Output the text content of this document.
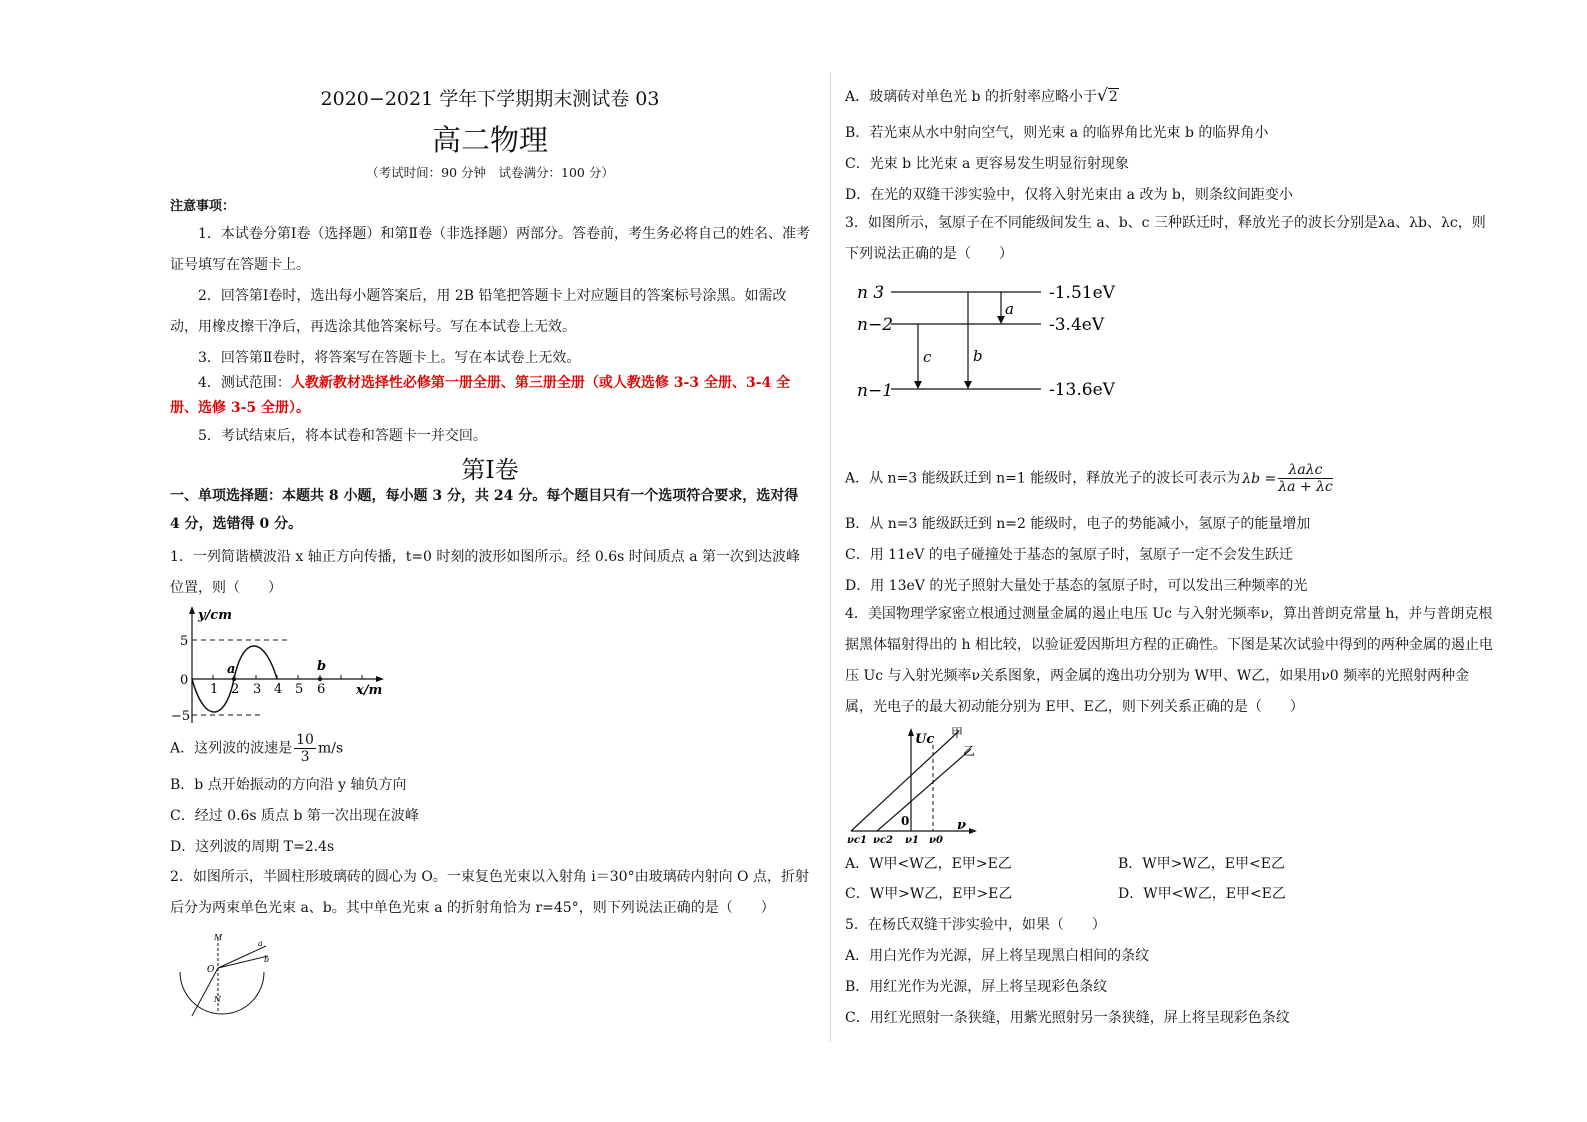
2020−2021 学年下学期期末测试卷 03

高二物理

（考试时间：90 分钟　试卷满分：100 分）

注意事项：

1．本试卷分第Ⅰ卷（选择题）和第Ⅱ卷（非选择题）两部分。答卷前，考生务必将自己的姓名、准考证号填写在答题卡上。

2．回答第Ⅰ卷时，选出每小题答案后，用 2B 铅笔把答题卡上对应题目的答案标号涂黑。如需改动，用橡皮擦干净后，再选涂其他答案标号。写在本试卷上无效。

3．回答第Ⅱ卷时，将答案写在答题卡上。写在本试卷上无效。

4．测试范围：人教新教材选择性必修第一册全册、第三册全册（或人教选修 3-3 全册、3-4 全册、选修 3-5 全册）。

5．考试结束后，将本试卷和答题卡一并交回。

第Ⅰ卷

一、单项选择题：本题共 8 小题，每小题 3 分，共 24 分。每个题目只有一个选项符合要求，选对得 4 分，选错得 0 分。

1．一列简谐横波沿 x 轴正方向传播，t=0 时刻的波形如图所示。经 0.6s 时间质点 a 第一次到达波峰位置，则（　　）

y/cm
5
0
−5
1 2 3 4 5 6 x/m
a	b

A．这列波的波速是 $\frac{10}{3} m/s$

B．b 点开始振动的方向沿 y 轴负方向

C．经过 0.6s 质点 b 第一次出现在波峰

D．这列波的周期 T=2.4s

2．如图所示，半圆柱形玻璃砖的圆心为 O。一束复色光束以入射角 i＝30°由玻璃砖内射向 O 点，折射后分为两束单色光束 a、b。其中单色光束 a 的折射角恰为 r=45°，则下列说法正确的是（　　）

M
N
O
a
b

A．玻璃砖对单色光 b 的折射率应略小于√2

B．若光束从水中射向空气，则光束 a 的临界角比光束 b 的临界角小

C．光束 b 比光束 a 更容易发生明显衍射现象

D．在光的双缝干涉实验中，仅将入射光束由 a 改为 b，则条纹间距变小

3．如图所示，氢原子在不同能级间发生 a、b、c 三种跃迁时，释放光子的波长分别是λa、λb、λc，则下列说法正确的是（　　）

n 3
n−2
n−1
-1.51eV
-3.4eV
-13.6eV
a
b
c

A．从 n=3 能级跃迁到 n=1 能级时，释放光子的波长可表示为 $\lambda b = \frac{\text{λaλc}}{\lambda a + \lambda c}$

B．从 n=3 能级跃迁到 n=2 能级时，电子的势能减小，氢原子的能量增加

C．用 11eV 的电子碰撞处于基态的氢原子时，氢原子一定不会发生跃迁

D．用 13eV 的光子照射大量处于基态的氢原子时，可以发出三种频率的光

4．美国物理学家密立根通过测量金属的遏止电压 Uc 与入射光频率ν，算出普朗克常量 h，并与普朗克根据黑体辐射得出的 h 相比较，以验证爱因斯坦方程的正确性。下图是某次试验中得到的两种金属的遏止电压 Uc 与入射光频率ν关系图象，两金属的逸出功分别为 W甲、W乙，如果用ν0 频率的光照射两种金属，光电子的最大初动能分别为 E甲、E乙，则下列关系正确的是（　　）

Uc
ν
0
甲
乙
νc1 νc2 ν1 ν0

A．W甲<W乙，E甲>E乙	B．W甲>W乙，E甲<E乙

C．W甲>W乙，E甲>E乙	D．W甲<W乙，E甲<E乙

5．在杨氏双缝干涉实验中，如果（　　）

A．用白光作为光源，屏上将呈现黑白相间的条纹

B．用红光作为光源，屏上将呈现彩色条纹

C．用红光照射一条狭缝，用紫光照射另一条狭缝，屏上将呈现彩色条纹
